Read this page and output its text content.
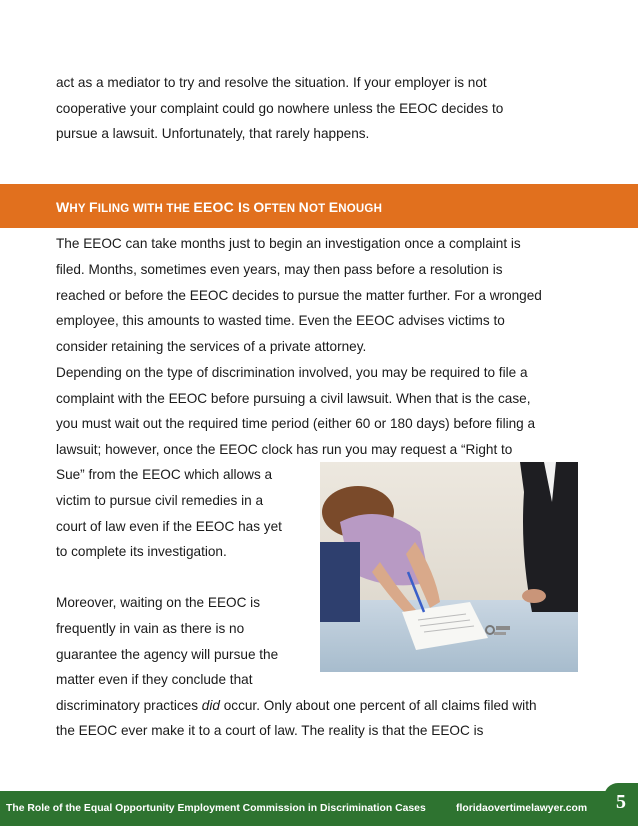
act as a mediator to try and resolve the situation. If your employer is not

cooperative your complaint could go nowhere unless the EEOC decides to

pursue a lawsuit. Unfortunately, that rarely happens.

WHY FILING WITH THE EEOC IS OFTEN NOT ENOUGH

The EEOC can take months just to begin an investigation once a complaint is

filed. Months, sometimes even years, may then pass before a resolution is

reached or before the EEOC decides to pursue the matter further. For a wronged

employee, this amounts to wasted time. Even the EEOC advises victims to

consider retaining the services of a private attorney.

Depending on the type of discrimination involved, you may be required to file a

complaint with the EEOC before pursuing a civil lawsuit. When that is the case,

you must wait out the required time period (either 60 or 180 days) before filing a

lawsuit; however, once the EEOC clock has run you may request a “Right to

Sue” from the EEOC which allows a

victim to pursue civil remedies in a

court of law even if the EEOC has yet

to complete its investigation.

Moreover, waiting on the EEOC is

frequently in vain as there is no

guarantee the agency will pursue the

matter even if they conclude that

discriminatory practices did occur. Only about one percent of all claims filed with

the EEOC ever make it to a court of law. The reality is that the EEOC is

The Role of the Equal Opportunity Employment Commission in Discrimination Cases	floridaovertimelawyer.com	5
